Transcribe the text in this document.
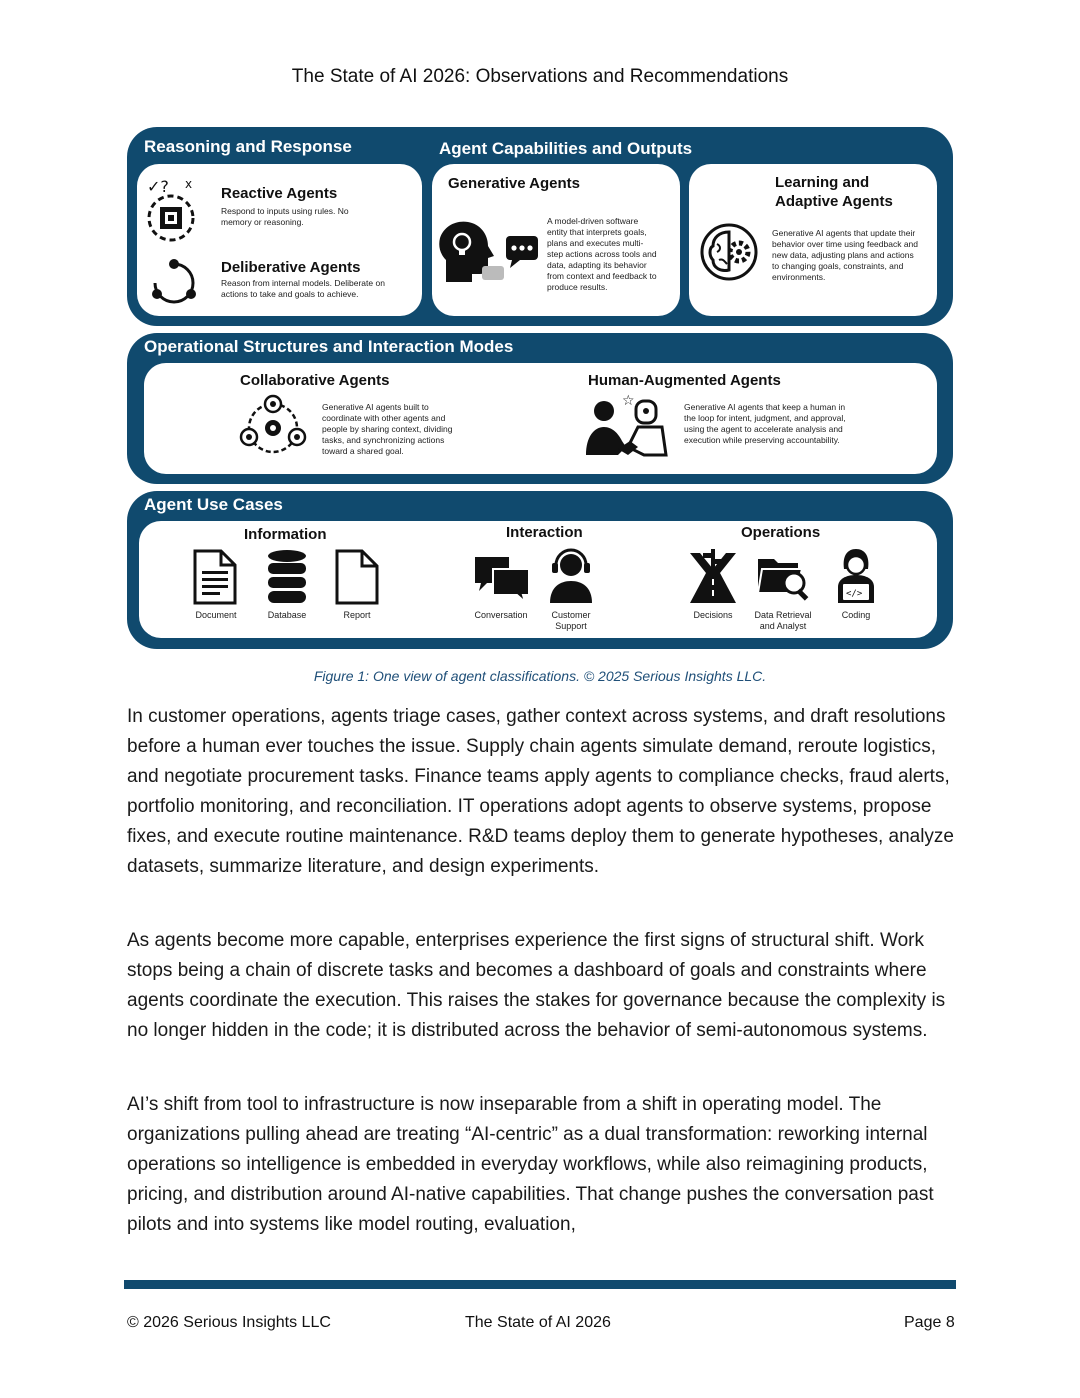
The State of AI 2026: Observations and Recommendations
Reasoning and Response	Agent Capabilities and Outputs
✓? x
Reactive Agents
Respond to inputs using rules. No memory or reasoning.
Deliberative Agents
Reason from internal models. Deliberate on actions to take and goals to achieve.
Generative Agents
A model-driven software entity that interprets goals, plans and executes multi-step actions across tools and data, adapting its behavior from context and feedback to produce results.
Learning and Adaptive Agents
Generative AI agents that update their behavior over time using feedback and new data, adjusting plans and actions to changing goals, constraints, and environments.
Operational Structures and Interaction Modes
Collaborative Agents
Generative AI agents built to coordinate with other agents and people by sharing context, dividing tasks, and synchronizing actions toward a shared goal.
Human-Augmented Agents
☆	Generative AI agents that keep a human in the loop for intent, judgment, and approval, using the agent to accelerate analysis and execution while preserving accountability.
Agent Use Cases
Information	Interaction	Operations
Document	Database	Report	Conversation	Customer Support
Decisions	Data Retrieval and Analyst
</>
Coding
Figure 1: One view of agent classifications. © 2025 Serious Insights LLC.

In customer operations, agents triage cases, gather context across systems, and draft resolutions before a human ever touches the issue. Supply chain agents simulate demand, reroute logistics, and negotiate procurement tasks. Finance teams apply agents to compliance checks, fraud alerts, portfolio monitoring, and reconciliation. IT operations adopt agents to observe systems, propose fixes, and execute routine maintenance. R&D teams deploy them to generate hypotheses, analyze datasets, summarize literature, and design experiments.

As agents become more capable, enterprises experience the first signs of structural shift. Work stops being a chain of discrete tasks and becomes a dashboard of goals and constraints where agents coordinate the execution. This raises the stakes for governance because the complexity is no longer hidden in the code; it is distributed across the behavior of semi-autonomous systems.

AI’s shift from tool to infrastructure is now inseparable from a shift in operating model. The organizations pulling ahead are treating “AI-centric” as a dual transformation: reworking internal operations so intelligence is embedded in everyday workflows, while also reimagining products, pricing, and distribution around AI-native capabilities. That change pushes the conversation past pilots and into systems like model routing, evaluation,

© 2026 Serious Insights LLC	The State of AI 2026	Page 8
